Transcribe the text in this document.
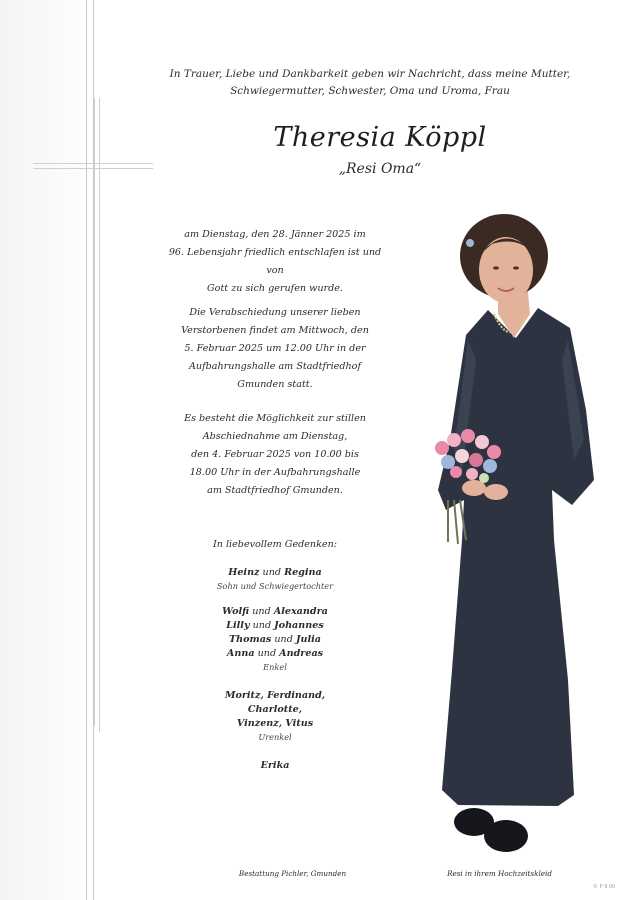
In Trauer, Liebe und Dankbarkeit geben wir Nachricht, dass meine Mutter,
Schwiegermutter, Schwester, Oma und Uroma, Frau
Theresia Köppl
„Resi Oma“
am Dienstag, den 28. Jänner 2025 im
96. Lebensjahr friedlich entschlafen ist und von
Gott zu sich gerufen wurde.
Die Verabschiedung unserer lieben
Verstorbenen findet am Mittwoch, den
5. Februar 2025 um 12.00 Uhr in der
Aufbahrungshalle am Stadtfriedhof
Gmunden statt.
Es besteht die Möglichkeit zur stillen
Abschiednahme am Dienstag,
den 4. Februar 2025 von 10.00 bis
18.00 Uhr in der Aufbahrungshalle
am Stadtfriedhof Gmunden.
In liebevollem Gedenken:
Heinz und Regina
Sohn und Schwiegertochter
Wolfi und Alexandra
Lilly und Johannes
Thomas und Julia
Anna und Andreas
Enkel
Moritz, Ferdinand,
Charlotte,
Vinzenz, Vitus
Urenkel
Erika
Bestattung Pichler, Gmunden	Resi in ihrem Hochzeitskleid
© P 9 00
